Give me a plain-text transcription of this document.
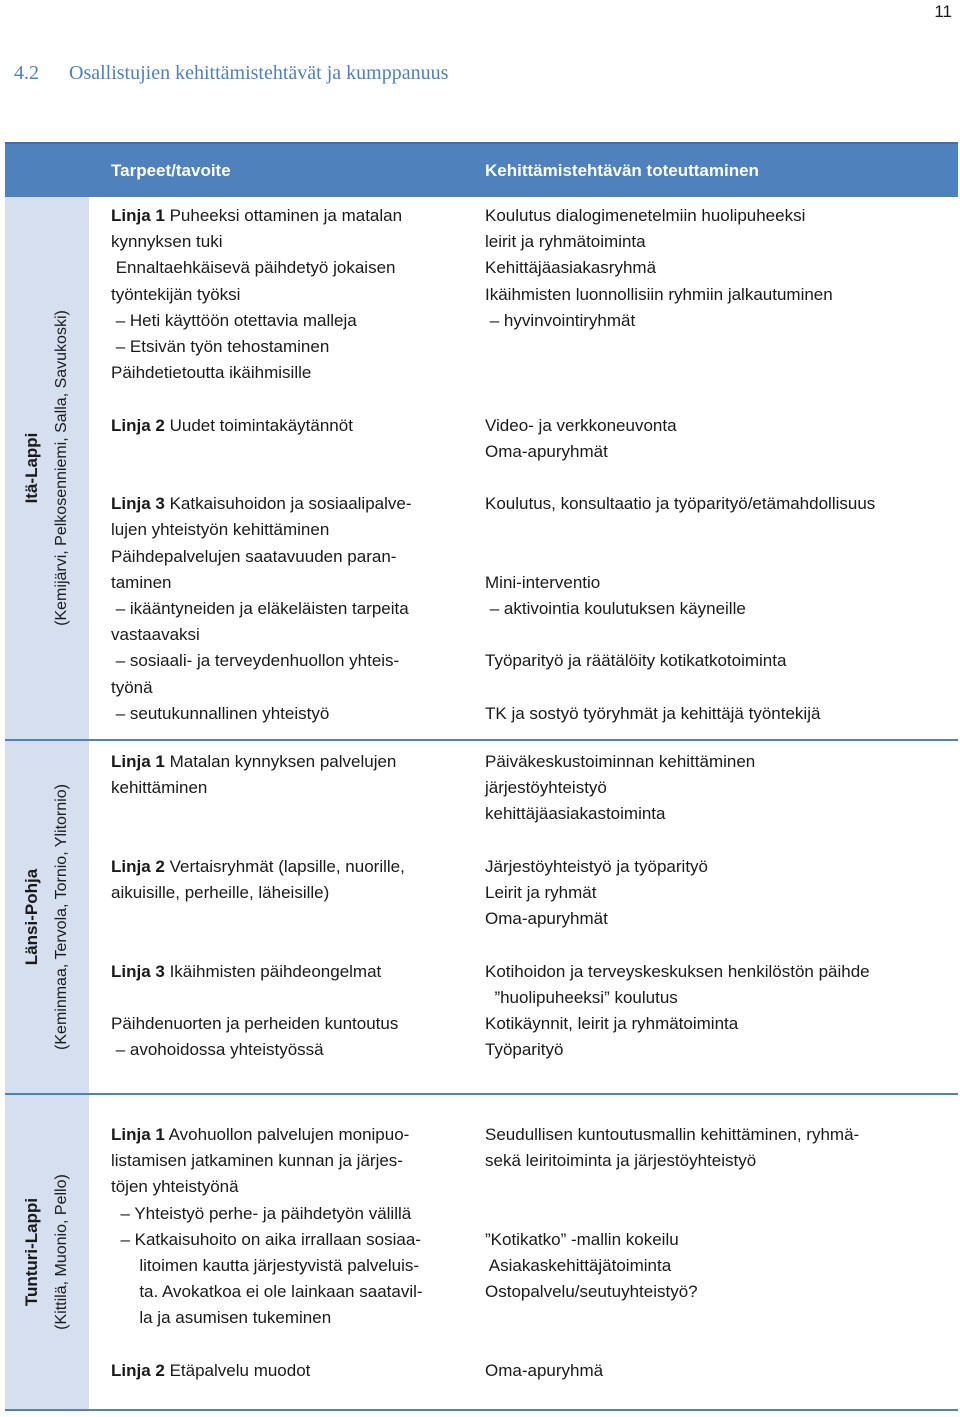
11
4.2 Osallistujien kehittämistehtävät ja kumppanuus
Tarpeet/tavoite	Kehittämistehtävän toteuttaminen
Itä-Lappi (Kemijärvi, Pelkosenniemi, Salla, Savukoski)
Linja 1 Puheeksi ottaminen ja matalan
kynnyksen tuki
Ennaltaehkäisevä päihdetyö jokaisen
työntekijän työksi
– Heti käyttöön otettavia malleja
– Etsivän työn tehostaminen
Päihdetietoutta ikäihmisille

Linja 2 Uudet toimintakäytännöt

Linja 3 Katkaisuhoidon ja sosiaalipalve-
lujen yhteistyön kehittäminen
Päihdepalvelujen saatavuuden paran-
taminen
– ikääntyneiden ja eläkeläisten tarpeita
vastaavaksi
– sosiaali- ja terveydenhuollon yhteis-
työnä
– seutukunnallinen yhteistyö
Koulutus dialogimenetelmiin huolipuheeksi
leirit ja ryhmätoiminta
Kehittäjäasiakasryhmä
Ikäihmisten luonnollisiin ryhmiin jalkautuminen
– hyvinvointiryhmät

Video- ja verkkoneuvonta
Oma-apuryhmät

Koulutus, konsultaatio ja työparityö/etämahdollisuus

Mini-interventio
– aktivointia koulutuksen käyneille

Työparityö ja räätälöity kotikatkotoiminta

TK ja sostyö työryhmät ja kehittäjä työntekijä
Länsi-Pohja (Keminmaa, Tervola, Tornio, Ylitornio)
Linja 1 Matalan kynnyksen palvelujen
kehittäminen

Linja 2 Vertaisryhmät (lapsille, nuorille,
aikuisille, perheille, läheisille)

Linja 3 Ikäihmisten päihdeongelmat

Päihdenuorten ja perheiden kuntoutus
– avohoidossa yhteistyössä
Päiväkeskustoiminnan kehittäminen
järjestöyhteistyö
kehittäjäasiakastoiminta

Järjestöyhteistyö ja työparityö
Leirit ja ryhmät
Oma-apuryhmät

Kotihoidon ja terveyskeskuksen henkilöstön päihde
”huolipuheeksi” koulutus
Kotikäynnit, leirit ja ryhmätoiminta
Työparityö
Tunturi-Lappi (Kittilä, Muonio, Pello)
Linja 1 Avohuollon palvelujen monipuo-
listamisen jatkaminen kunnan ja järjes-
töjen yhteistyönä
– Yhteistyö perhe- ja päihdetyön välillä
– Katkaisuhoito on aika irrallaan sosiaa-
litoimen kautta järjestyvistä palveluis-
ta. Avokatkoa ei ole lainkaan saatavil-
la ja asumisen tukeminen

Linja 2 Etäpalvelu muodot
Seudullisen kuntoutusmallin kehittäminen, ryhmä-
sekä leiritoiminta ja järjestöyhteistyö

”Kotikatko” -mallin kokeilu
Asiakaskehittäjätoiminta
Ostopalvelu/seutuyhteistyö?

Oma-apuryhmä
